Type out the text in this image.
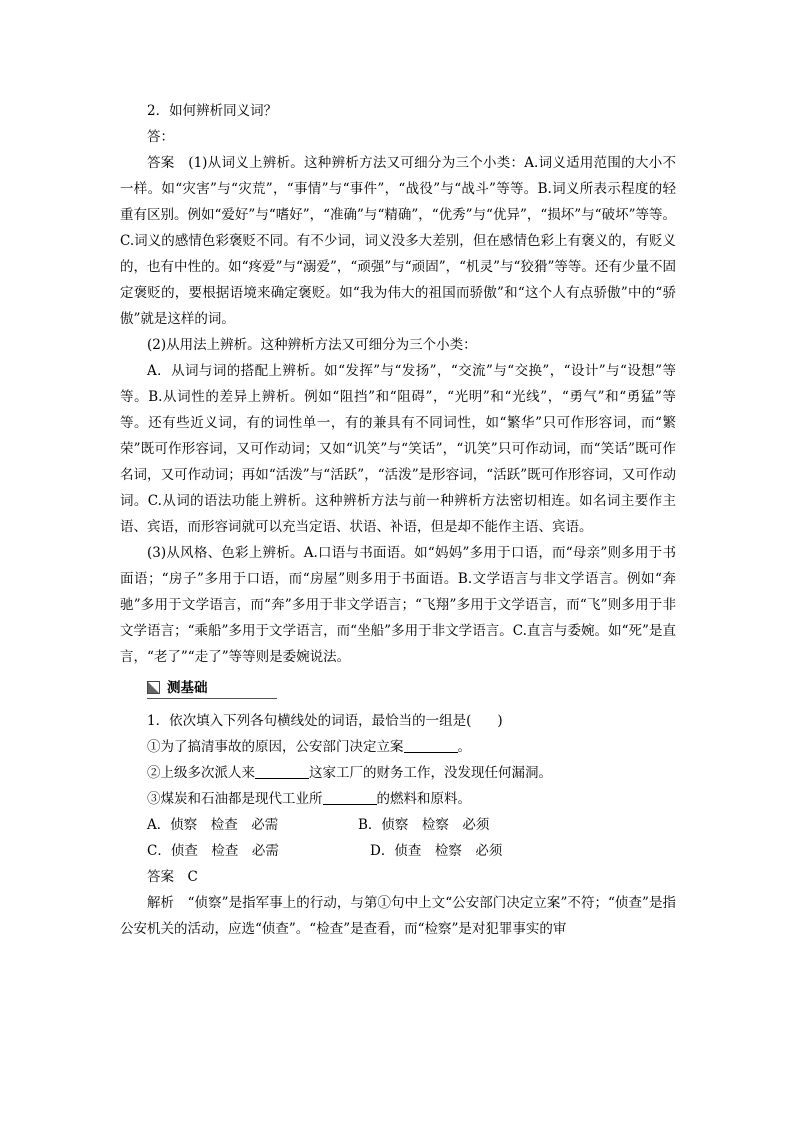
2．如何辨析同义词？

答：

答案　(1)从词义上辨析。这种辨析方法又可细分为三个小类：A.词义适用范围的大小不一样。如“灾害”与“灾荒”，“事情”与“事件”，“战役”与“战斗”等等。B.词义所表示程度的轻重有区别。例如“爱好”与“嗜好”，“准确”与“精确”，“优秀”与“优异”，“损坏”与“破坏”等等。C.词义的感情色彩褒贬不同。有不少词，词义没多大差别，但在感情色彩上有褒义的，有贬义的，也有中性的。如“疼爱”与“溺爱”，“顽强”与“顽固”，“机灵”与“狡猾”等等。还有少量不固定褒贬的，要根据语境来确定褒贬。如“我为伟大的祖国而骄傲”和“这个人有点骄傲”中的“骄傲”就是这样的词。

(2)从用法上辨析。这种辨析方法又可细分为三个小类：

A．从词与词的搭配上辨析。如“发挥”与“发扬”，“交流”与“交换”，“设计”与“设想”等等。B.从词性的差异上辨析。例如“阻挡”和“阻碍”，“光明”和“光线”，“勇气”和“勇猛”等等。还有些近义词，有的词性单一，有的兼具有不同词性，如“繁华”只可作形容词，而“繁荣”既可作形容词，又可作动词；又如“讥笑”与“笑话”，“讥笑”只可作动词，而“笑话”既可作名词，又可作动词；再如“活泼”与“活跃”，“活泼”是形容词，“活跃”既可作形容词，又可作动词。C.从词的语法功能上辨析。这种辨析方法与前一种辨析方法密切相连。如名词主要作主语、宾语，而形容词就可以充当定语、状语、补语，但是却不能作主语、宾语。

(3)从风格、色彩上辨析。A.口语与书面语。如“妈妈”多用于口语，而“母亲”则多用于书面语；“房子”多用于口语，而“房屋”则多用于书面语。B.文学语言与非文学语言。例如“奔驰”多用于文学语言，而“奔”多用于非文学语言；“飞翔”多用于文学语言，而“飞”则多用于非文学语言；“乘船”多用于文学语言，而“坐船”多用于非文学语言。C.直言与委婉。如“死”是直言，“老了”“走了”等等则是委婉说法。

测基础

1．依次填入下列各句横线处的词语，最恰当的一组是( )

①为了搞清事故的原因，公安部门决定立案	。

②上级多次派人来	这家工厂的财务工作，没发现任何漏洞。

③煤炭和石油都是现代工业所	的燃料和原料。

A．侦察　检查　必需	B．侦察　检察　必须
C．侦查　检查　必需	D．侦查　检察　必须

答案　C

解析　“侦察”是指军事上的行动，与第①句中上文“公安部门决定立案”不符；“侦查”是指公安机关的活动，应选“侦查”。“检查”是查看，而“检察”是对犯罪事实的审
